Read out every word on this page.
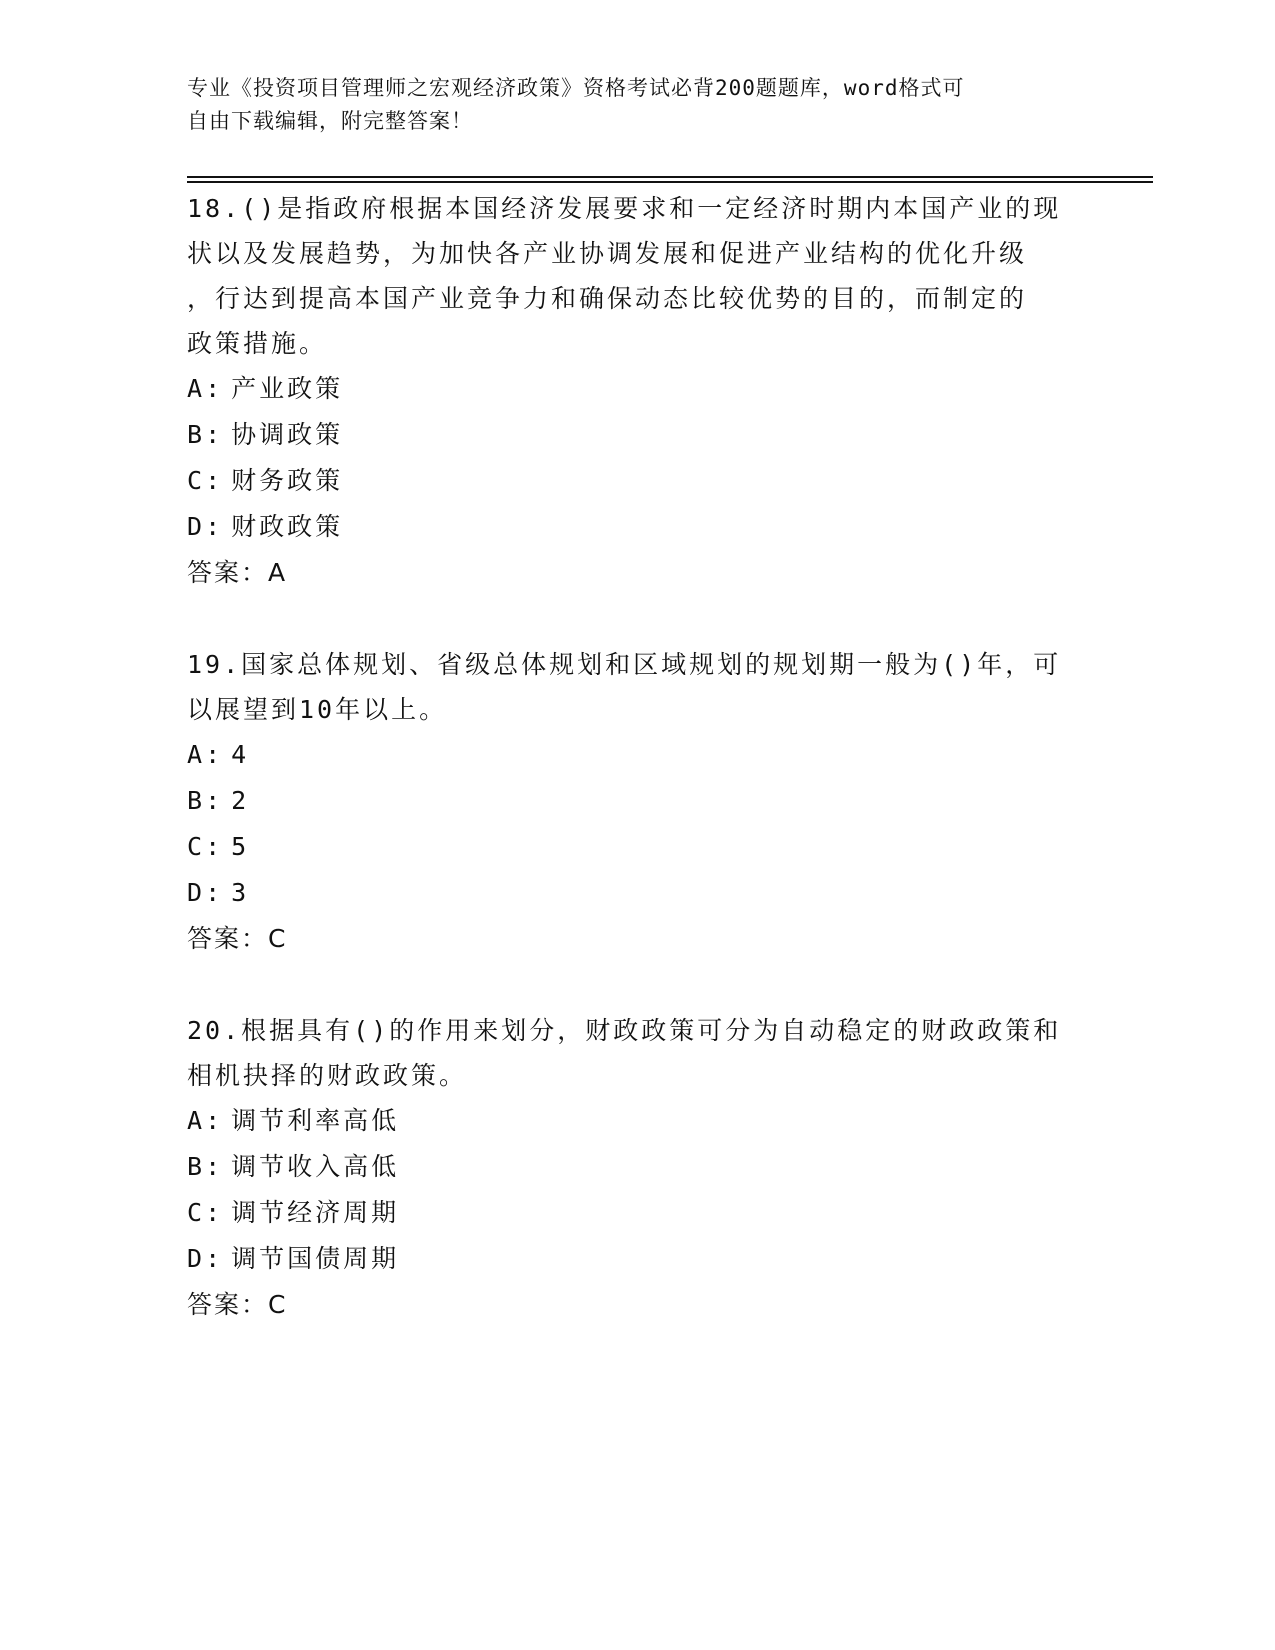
专业《投资项目管理师之宏观经济政策》资格考试必背200题题库，word格式可
自由下载编辑，附完整答案！
18.()是指政府根据本国经济发展要求和一定经济时期内本国产业的现
状以及发展趋势，为加快各产业协调发展和促进产业结构的优化升级
，行达到提高本国产业竞争力和确保动态比较优势的目的，而制定的
政策措施。
A: 产业政策
B: 协调政策
C: 财务政策
D: 财政政策
答案：A
19.国家总体规划、省级总体规划和区域规划的规划期一般为()年，可
以展望到10年以上。
A: 4
B: 2
C: 5
D: 3
答案：C
20.根据具有()的作用来划分，财政政策可分为自动稳定的财政政策和
相机抉择的财政政策。
A: 调节利率高低
B: 调节收入高低
C: 调节经济周期
D: 调节国债周期
答案：C
